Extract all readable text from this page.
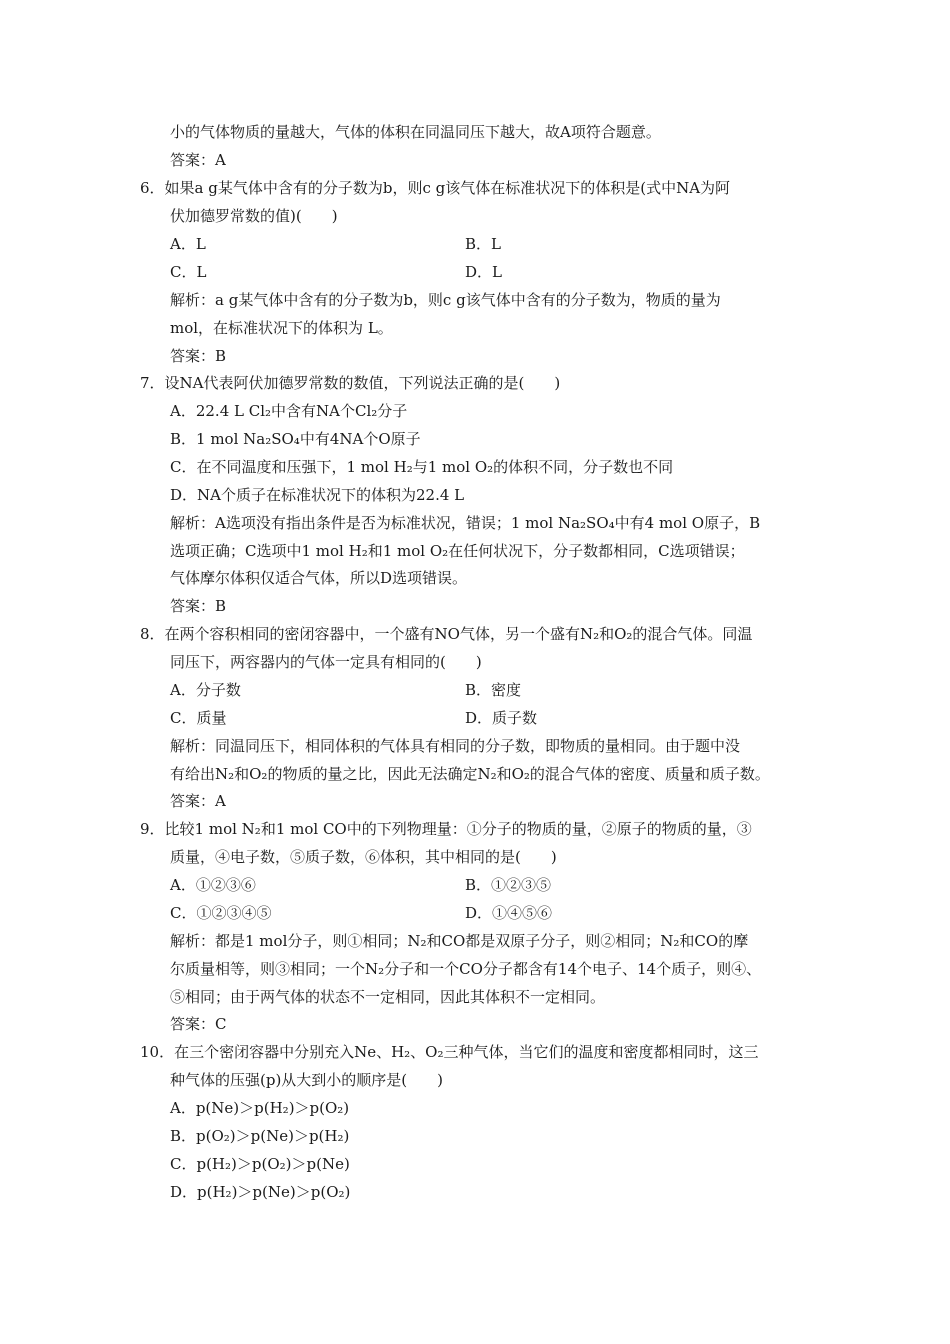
小的气体物质的量越大，气体的体积在同温同压下越大，故A项符合题意。
答案：A
6．如果a g某气体中含有的分子数为b，则c g该气体在标准状况下的体积是(式中NA为阿
伏加德罗常数的值)(　　)
A．L	B．L
C．L	D．L
解析：a g某气体中含有的分子数为b，则c g该气体中含有的分子数为，物质的量为
mol，在标准状况下的体积为 L。
答案：B
7．设NA代表阿伏加德罗常数的数值，下列说法正确的是(　　)
A．22.4 L Cl₂中含有NA个Cl₂分子
B．1 mol Na₂SO₄中有4NA个O原子
C．在不同温度和压强下，1 mol H₂与1 mol O₂的体积不同，分子数也不同
D．NA个质子在标准状况下的体积为22.4 L
解析：A选项没有指出条件是否为标准状况，错误；1 mol Na₂SO₄中有4 mol O原子，B
选项正确；C选项中1 mol H₂和1 mol O₂在任何状况下，分子数都相同，C选项错误；
气体摩尔体积仅适合气体，所以D选项错误。
答案：B
8．在两个容积相同的密闭容器中，一个盛有NO气体，另一个盛有N₂和O₂的混合气体。同温
同压下，两容器内的气体一定具有相同的(　　)
A．分子数	B．密度
C．质量	D．质子数
解析：同温同压下，相同体积的气体具有相同的分子数，即物质的量相同。由于题中没
有给出N₂和O₂的物质的量之比，因此无法确定N₂和O₂的混合气体的密度、质量和质子数。
答案：A
9．比较1 mol N₂和1 mol CO中的下列物理量：①分子的物质的量，②原子的物质的量，③
质量，④电子数，⑤质子数，⑥体积，其中相同的是(　　)
A．①②③⑥	B．①②③⑤
C．①②③④⑤	D．①④⑤⑥
解析：都是1 mol分子，则①相同；N₂和CO都是双原子分子，则②相同；N₂和CO的摩
尔质量相等，则③相同；一个N₂分子和一个CO分子都含有14个电子、14个质子，则④、
⑤相同；由于两气体的状态不一定相同，因此其体积不一定相同。
答案：C
10．在三个密闭容器中分别充入Ne、H₂、O₂三种气体，当它们的温度和密度都相同时，这三
种气体的压强(p)从大到小的顺序是(　　)
A．p(Ne)＞p(H₂)＞p(O₂)
B．p(O₂)＞p(Ne)＞p(H₂)
C．p(H₂)＞p(O₂)＞p(Ne)
D．p(H₂)＞p(Ne)＞p(O₂)
